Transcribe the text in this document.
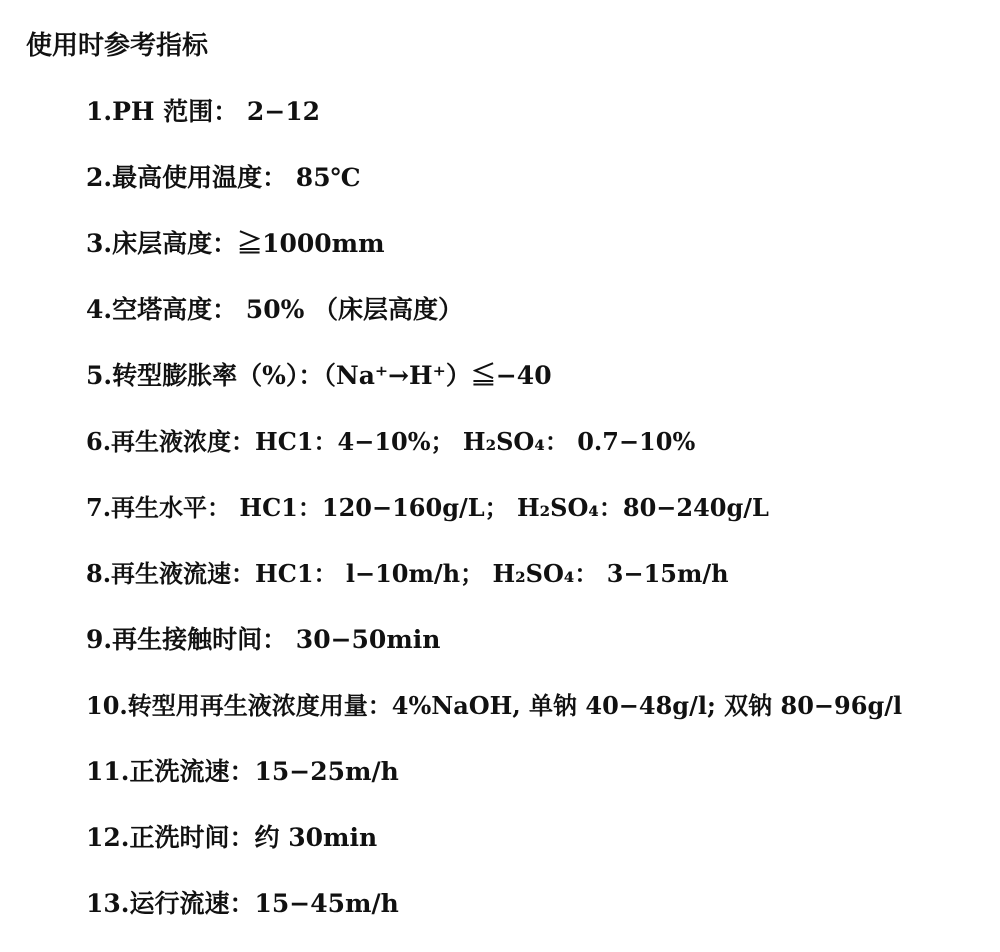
使用时参考指标
1.PH 范围： 2−12
2.最高使用温度： 85℃
3.床层高度：≧1000mm
4.空塔高度： 50% （床层高度）
5.转型膨胀率（%）：（Na⁺→H⁺）≦−40
6.再生液浓度：HC1：4−10%； H₂SO₄： 0.7−10%
7.再生水平： HC1：120−160g/L； H₂SO₄：80−240g/L
8.再生液流速：HC1： l−10m/h； H₂SO₄： 3−15m/h
9.再生接触时间： 30−50min
10.转型用再生液浓度用量：4%NaOH, 单钠 40−48g/l; 双钠 80−96g/l
11.正洗流速：15−25m/h
12.正洗时间：约 30min
13.运行流速：15−45m/h
